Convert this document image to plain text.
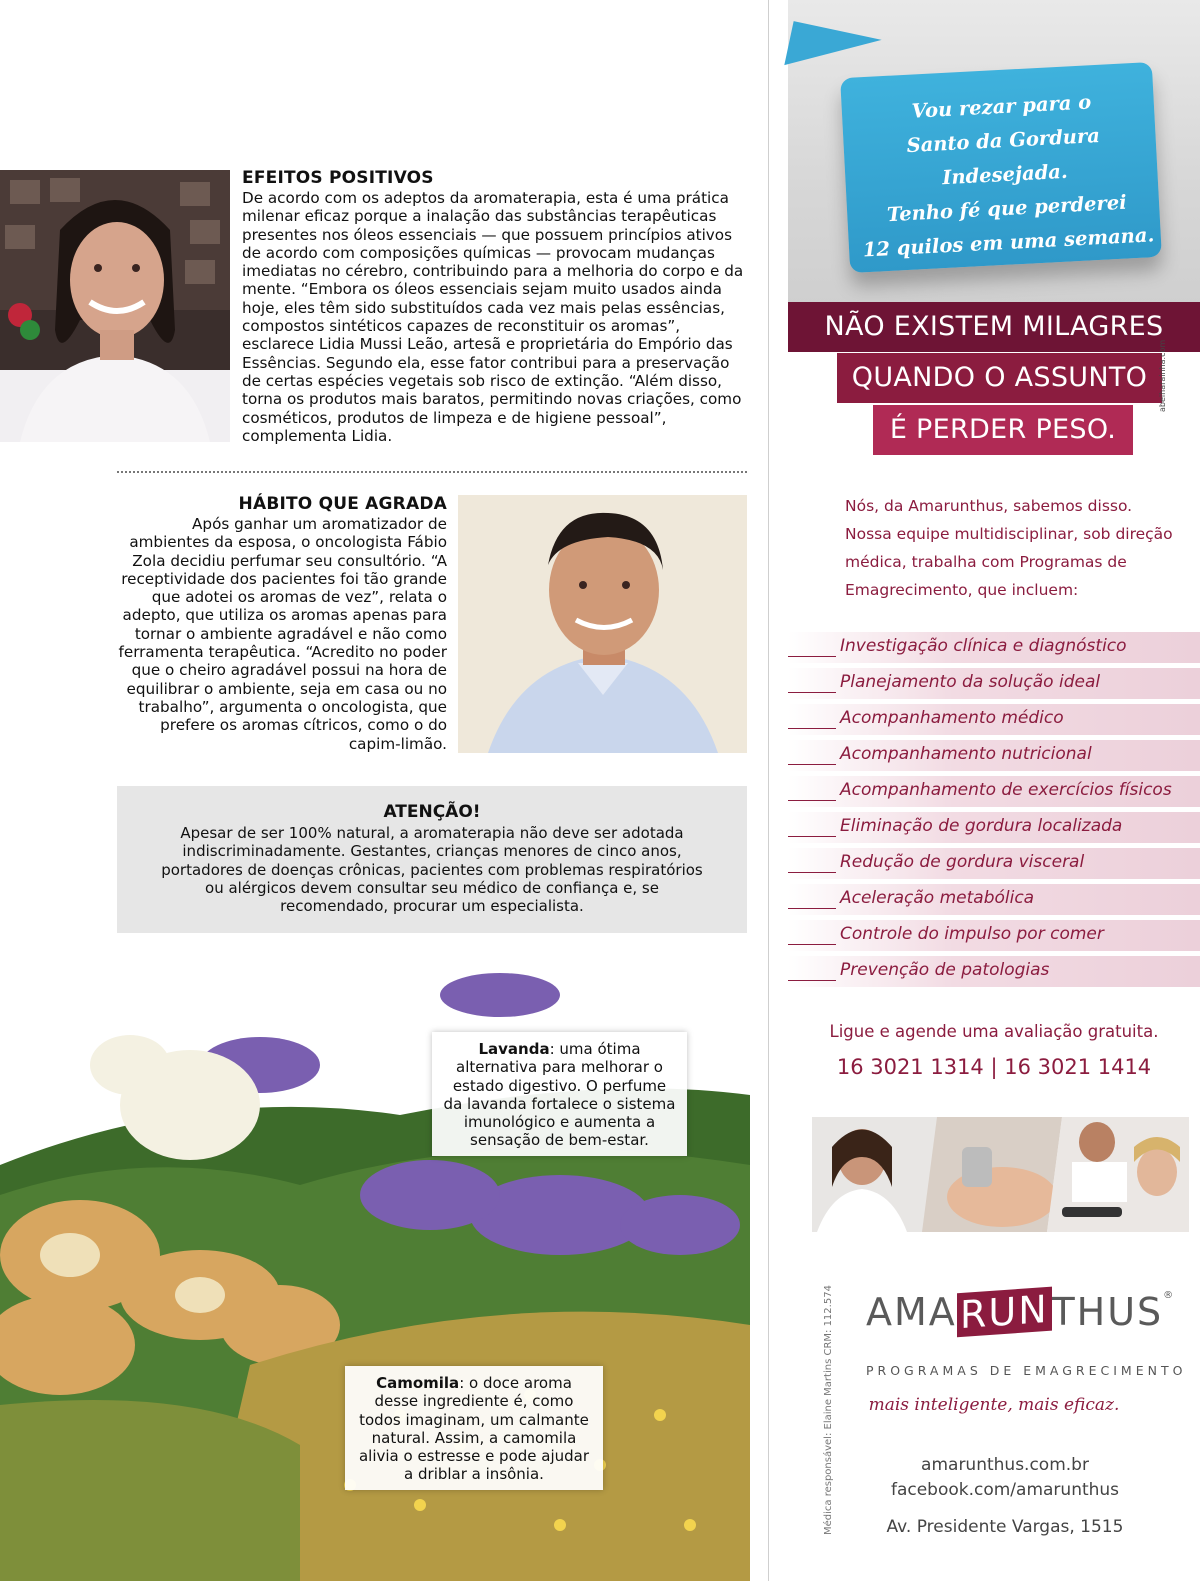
EFEITOS POSITIVOS
De acordo com os adeptos da aromaterapia, esta é uma prática milenar eficaz porque a inalação das substâncias terapêuticas presentes nos óleos essenciais — que possuem princípios ativos de acordo com composições químicas — provocam mudanças imediatas no cérebro, contribuindo para a melhoria do corpo e da mente. “Embora os óleos essenciais sejam muito usados ainda hoje, eles têm sido substituídos cada vez mais pelas essências, compostos sintéticos capazes de reconstituir os aromas”, esclarece Lidia Mussi Leão, artesã e proprietária do Empório das Essências. Segundo ela, esse fator contribui para a preservação de certas espécies vegetais sob risco de extinção. “Além disso, torna os produtos mais baratos, permitindo novas criações, como cosméticos, produtos de limpeza e de higiene pessoal”, complementa Lidia.
HÁBITO QUE AGRADA
Após ganhar um aromatizador de ambientes da esposa, o oncologista Fábio Zola decidiu perfumar seu consultório. “A receptividade dos pacientes foi tão grande que adotei os aromas de vez”, relata o adepto, que utiliza os aromas apenas para tornar o ambiente agradável e não como ferramenta terapêutica. “Acredito no poder que o cheiro agradável possui na hora de equilibrar o ambiente, seja em casa ou no trabalho”, argumenta o oncologista, que prefere os aromas cítricos, como o do capim-limão.
ATENÇÃO!
Apesar de ser 100% natural, a aromaterapia não deve ser adotada indiscriminadamente. Gestantes, crianças menores de cinco anos, portadores de doenças crônicas, pacientes com problemas respiratórios ou alérgicos devem consultar seu médico de confiança e, se recomendado, procurar um especialista.
Lavanda: uma ótima alternativa para melhorar o estado digestivo. O perfume da lavanda fortalece o sistema imunológico e aumenta a sensação de bem-estar.
Camomila: o doce aroma desse ingrediente é, como todos imaginam, um calmante natural. Assim, a camomila alivia o estresse e pode ajudar a driblar a insônia.
Vou rezar para o
Santo da Gordura Indesejada.
Tenho fé que perderei
12 quilos em uma semana.
NÃO EXISTEM MILAGRES
QUANDO O ASSUNTO
É PERDER PESO.
abelharainha.com
Nós, da Amarunthus, sabemos disso. Nossa equipe multidisciplinar, sob direção médica, trabalha com Programas de Emagrecimento, que incluem:
Investigação clínica e diagnóstico
Planejamento da solução ideal
Acompanhamento médico
Acompanhamento nutricional
Acompanhamento de exercícios físicos
Eliminação de gordura localizada
Redução de gordura visceral
Aceleração metabólica
Controle do impulso por comer
Prevenção de patologias
Ligue e agende uma avaliação gratuita.
16 3021 1314 | 16 3021 1414
Médica responsável: Elaine Martins CRM: 112.574 AMARUNTHUS®
PROGRAMAS DE EMAGRECIMENTO
mais inteligente, mais eficaz.
amarunthus.com.br
facebook.com/amarunthus
Av. Presidente Vargas, 1515
